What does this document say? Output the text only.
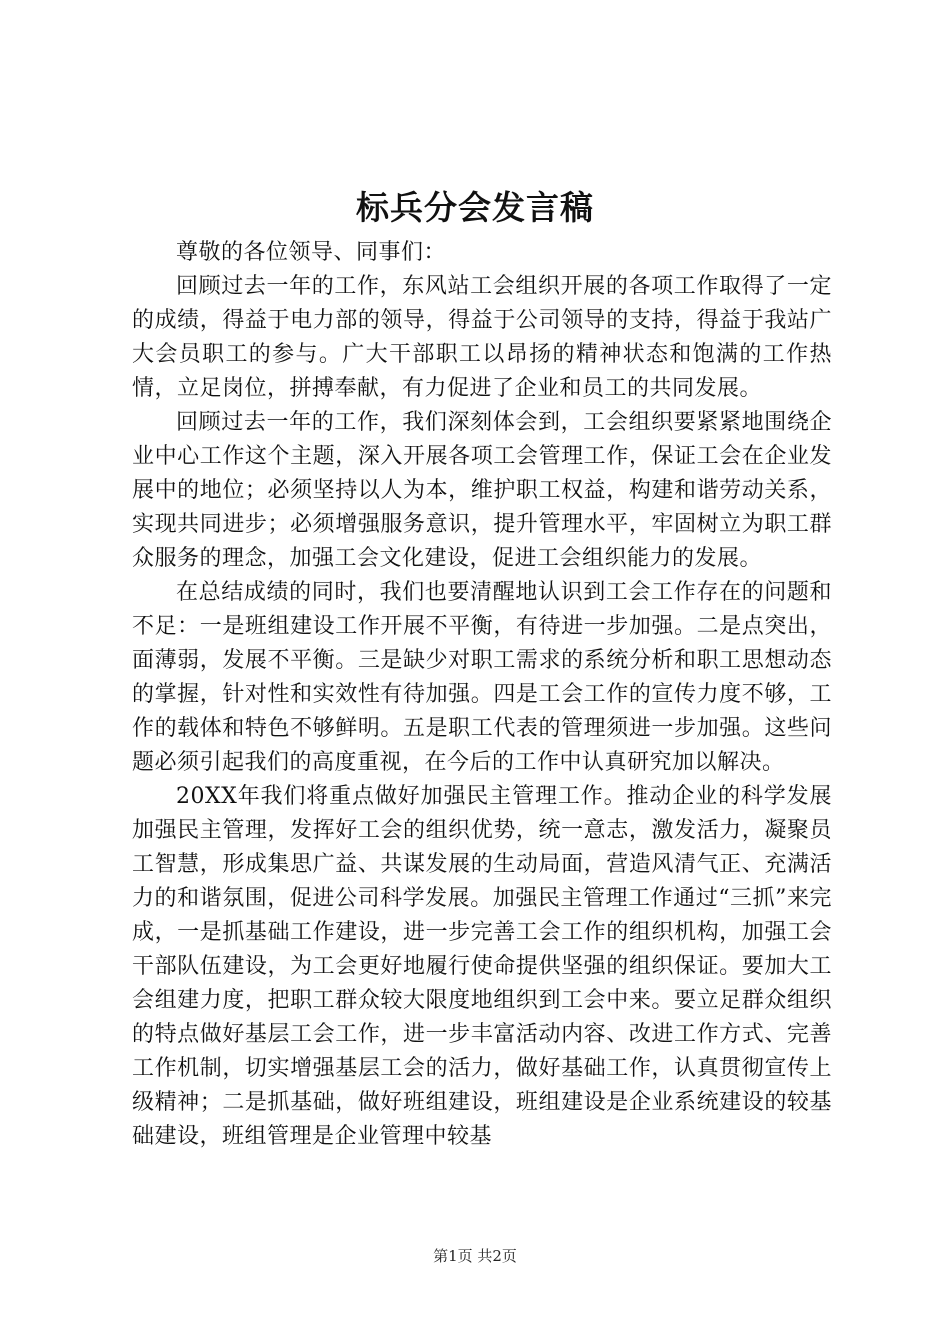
标兵分会发言稿

尊敬的各位领导、同事们：

回顾过去一年的工作，东风站工会组织开展的各项工作取得了一定的成绩，得益于电力部的领导，得益于公司领导的支持，得益于我站广大会员职工的参与。广大干部职工以昂扬的精神状态和饱满的工作热情，立足岗位，拼搏奉献，有力促进了企业和员工的共同发展。

回顾过去一年的工作，我们深刻体会到，工会组织要紧紧地围绕企业中心工作这个主题，深入开展各项工会管理工作，保证工会在企业发展中的地位；必须坚持以人为本，维护职工权益，构建和谐劳动关系，实现共同进步；必须增强服务意识，提升管理水平，牢固树立为职工群众服务的理念，加强工会文化建设，促进工会组织能力的发展。

在总结成绩的同时，我们也要清醒地认识到工会工作存在的问题和不足：一是班组建设工作开展不平衡，有待进一步加强。二是点突出，面薄弱，发展不平衡。三是缺少对职工需求的系统分析和职工思想动态的掌握，针对性和实效性有待加强。四是工会工作的宣传力度不够，工作的载体和特色不够鲜明。五是职工代表的管理须进一步加强。这些问题必须引起我们的高度重视，在今后的工作中认真研究加以解决。

20XX年我们将重点做好加强民主管理工作。推动企业的科学发展加强民主管理，发挥好工会的组织优势，统一意志，激发活力，凝聚员工智慧，形成集思广益、共谋发展的生动局面，营造风清气正、充满活力的和谐氛围，促进公司科学发展。加强民主管理工作通过“三抓”来完成，一是抓基础工作建设，进一步完善工会工作的组织机构，加强工会干部队伍建设，为工会更好地履行使命提供坚强的组织保证。要加大工会组建力度，把职工群众较大限度地组织到工会中来。要立足群众组织的特点做好基层工会工作，进一步丰富活动内容、改进工作方式、完善工作机制，切实增强基层工会的活力，做好基础工作，认真贯彻宣传上级精神；二是抓基础，做好班组建设，班组建设是企业系统建设的较基础建设，班组管理是企业管理中较基

第1页 共2页
